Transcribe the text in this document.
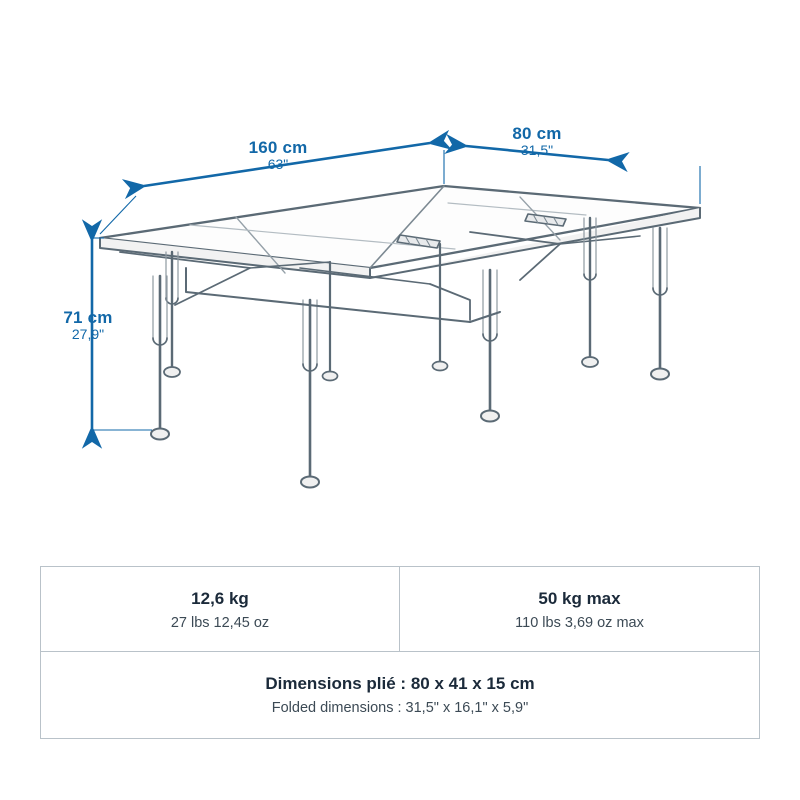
160 cm
63"
80 cm
31,5"
71 cm
27,9"
12,6 kg
27 lbs 12,45 oz
50 kg max
110 lbs 3,69 oz max
Dimensions plié : 80 x 41 x 15 cm
Folded dimensions : 31,5" x 16,1" x 5,9"
